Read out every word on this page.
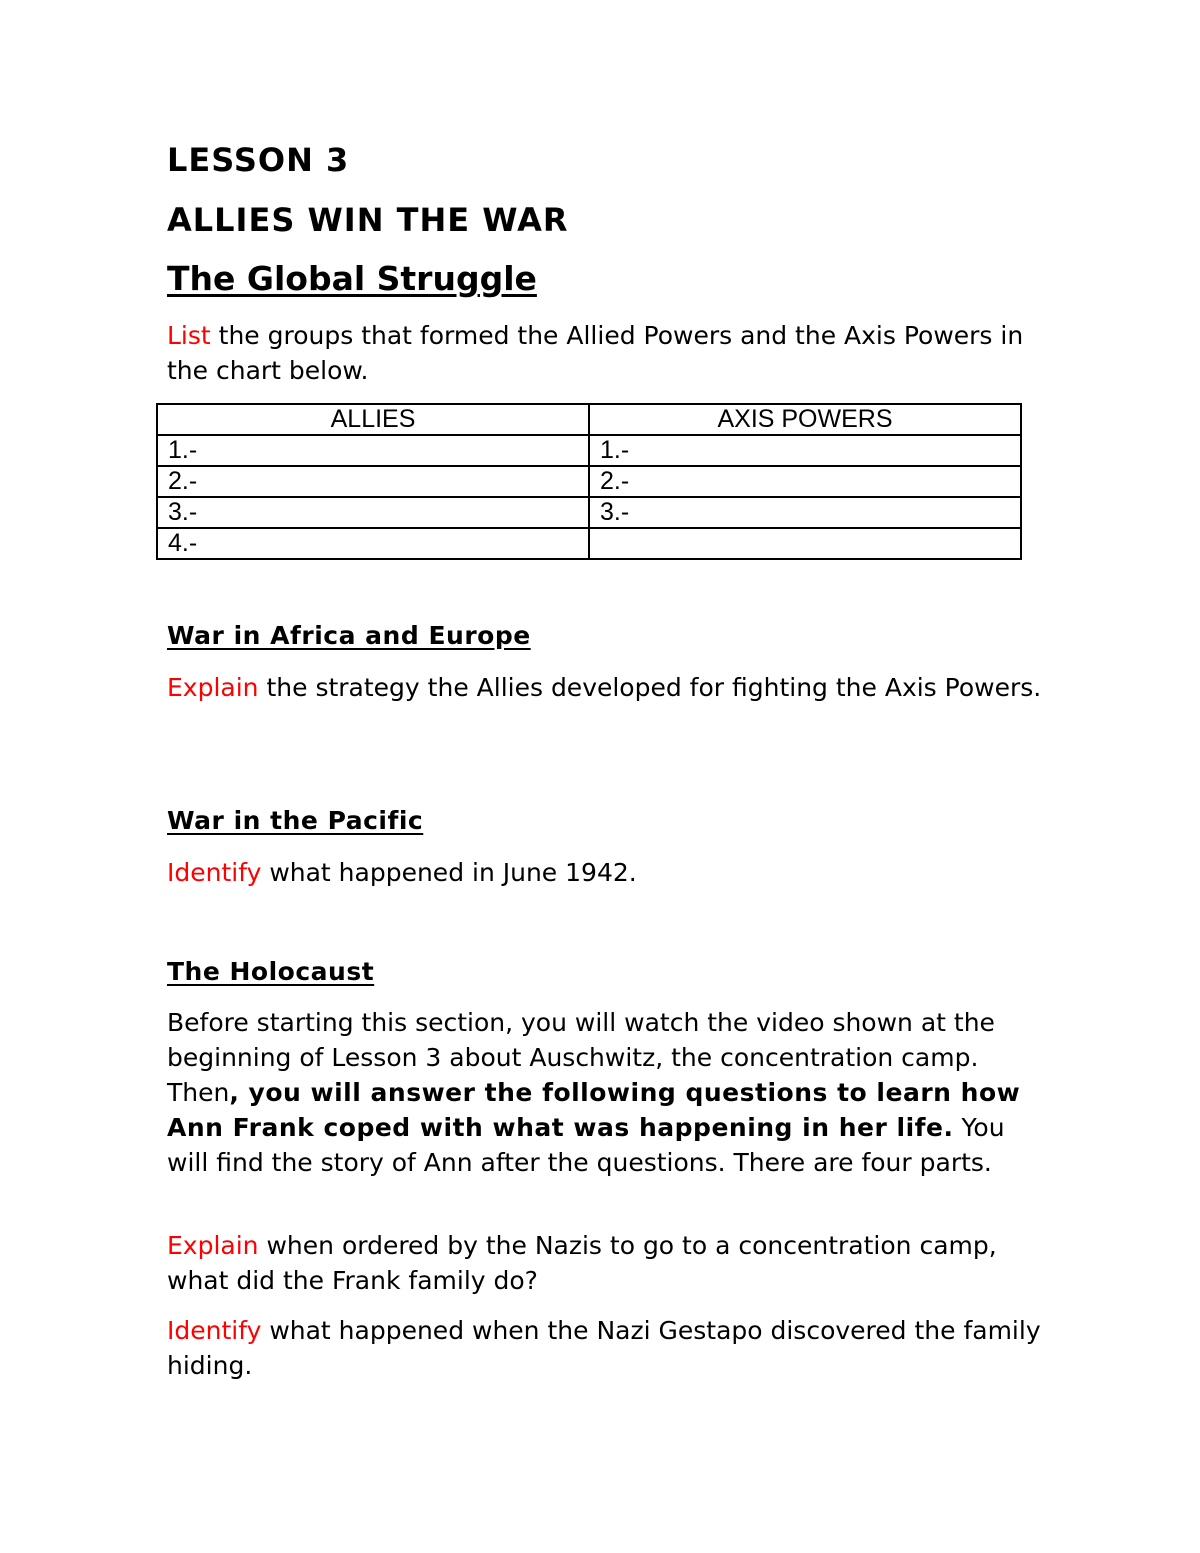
LESSON 3
ALLIES WIN THE WAR
The Global Struggle
List the groups that formed the Allied Powers and the Axis Powers in the chart below.
ALLIES	AXIS POWERS
1.-	1.-
2.-	2.-
3.-	3.-
4.-	
War in Africa and Europe
Explain the strategy the Allies developed for fighting the Axis Powers.
War in the Pacific
Identify what happened in June 1942.
The Holocaust
Before starting this section, you will watch the video shown at the beginning of Lesson 3 about Auschwitz, the concentration camp. Then, you will answer the following questions to learn how Ann Frank coped with what was happening in her life. You will find the story of Ann after the questions. There are four parts.
Explain when ordered by the Nazis to go to a concentration camp, what did the Frank family do?
Identify what happened when the Nazi Gestapo discovered the family hiding.
